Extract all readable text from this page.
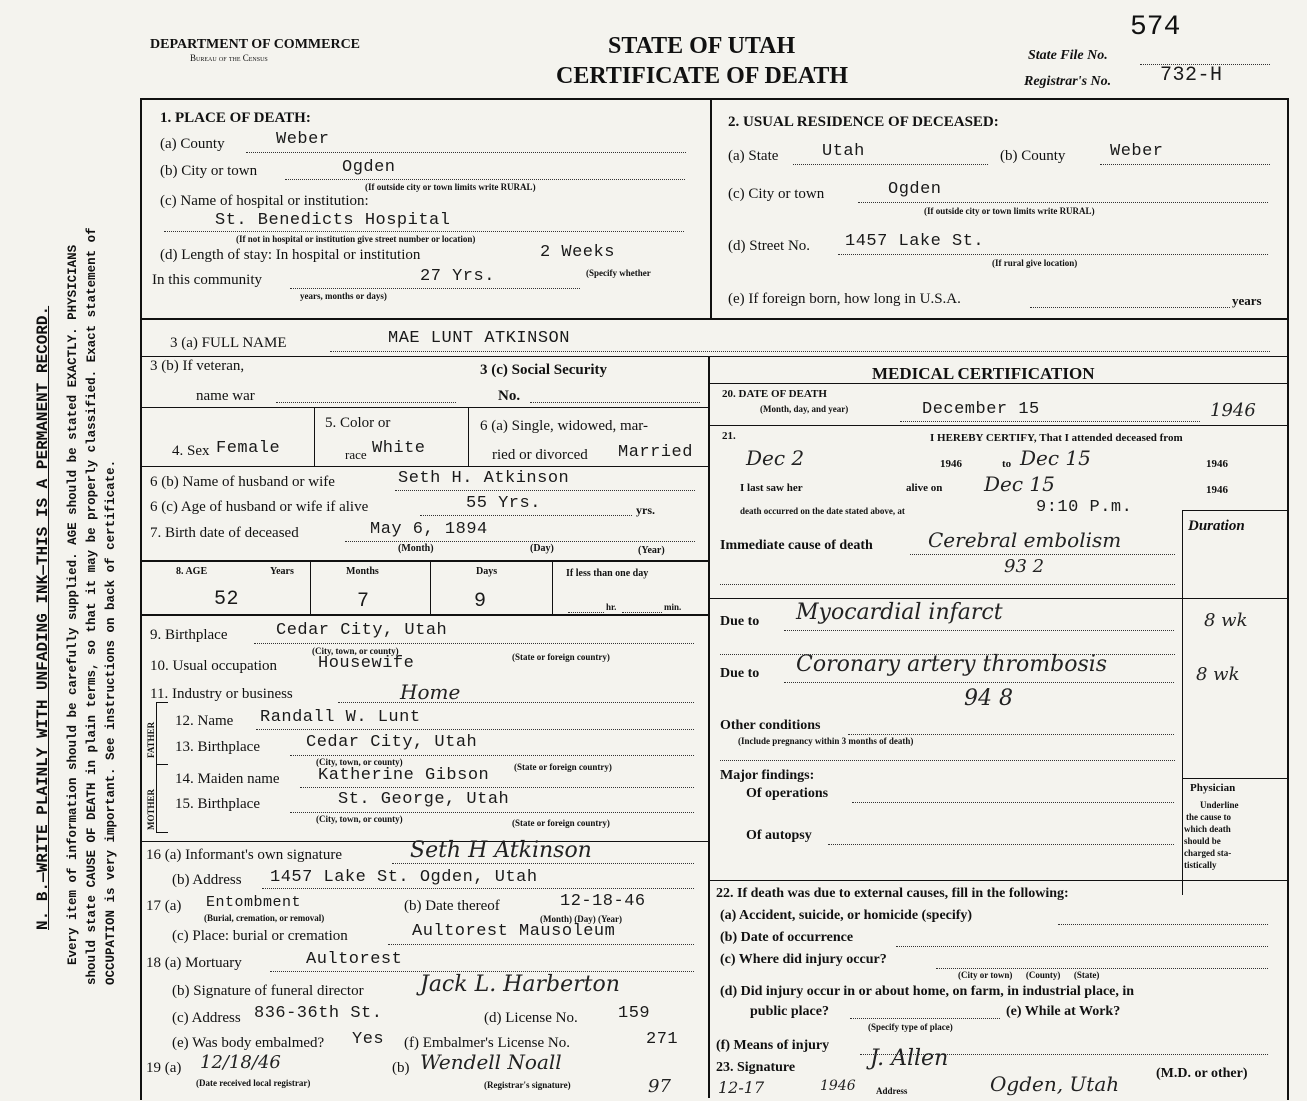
N. B.—WRITE PLAINLY WITH UNFADING INK—THIS IS A PERMANENT RECORD. Every item of information should be carefully supplied. AGE should be stated EXACTLY. PHYSICIANS should state CAUSE OF DEATH in plain terms, so that it may be properly classified. Exact statement of OCCUPATION is very important. See instructions on back of certificate.
DEPARTMENT OF COMMERCE
Bureau of the Census	STATE OF UTAH
CERTIFICATE OF DEATH
574
State File No.
Registrar's No. 732-H
1. PLACE OF DEATH:
(a) County	Weber
(b) City or town	Ogden
(If outside city or town limits write RURAL)
(c) Name of hospital or institution:
St. Benedicts Hospital
(If not in hospital or institution give street number or location)
(d) Length of stay: In hospital or institution	2 Weeks
In this community	27 Yrs.	(Specify whether
years, months or days)
2. USUAL RESIDENCE OF DECEASED:
(a) State	Utah	(b) County	Weber
(c) City or town	Ogden
(If outside city or town limits write RURAL)
(d) Street No. 1457 Lake St.
(If rural give location)
(e) If foreign born, how long in U.S.A.	years
3 (a) FULL NAME	MAE LUNT ATKINSON
3 (b) If veteran,
name war
3 (c) Social Security
No.
4. Sex Female
5. Color or
race White
6 (a) Single, widowed, mar-
ried or divorced Married
6 (b) Name of husband or wife	Seth H. Atkinson
6 (c) Age of husband or wife if alive	55 Yrs.	yrs.
7. Birth date of deceased	May 6, 1894
(Month)	(Day)	(Year)
8. AGE	Years	Months	Days	If less than one day
52	7	9	hr.	min.
9. Birthplace	Cedar City, Utah
(City, town, or county)
(State or foreign country)
10. Usual occupation Housewife
11. Industry or business	Home
FATHER
MOTHER
12. Name Randall W. Lunt
13. Birthplace	Cedar City, Utah
(City, town, or county)	(State or foreign country)
14. Maiden name Katherine Gibson
15. Birthplace	St. George, Utah
(City, town, or county)	(State or foreign country)
16 (a) Informant's own signature	Seth H Atkinson
(b) Address 1457 Lake St. Ogden, Utah
17 (a) Entombment
(Burial, cremation, or removal)
(b) Date thereof	12-18-46
(Month) (Day) (Year)
(c) Place: burial or cremation	Aultorest Mausoleum
18 (a) Mortuary	Aultorest
(b) Signature of funeral director	Jack L. Harberton
(c) Address 836-36th St.	(d) License No. 159
(e) Was body embalmed? Yes (f) Embalmer's License No.	271
19 (a) 12/18/46
(Date received local registrar)
(b) Wendell Noall
(Registrar's signature)	97
MEDICAL CERTIFICATION
20. DATE OF DEATH
(Month, day, and year)	December 15	1946
21.	I HEREBY CERTIFY, That I attended deceased from
Dec 2	1946	to Dec 15	1946
I last saw her	alive on Dec 15	1946
death occurred on the date stated above, at	9:10 P.m.
Duration
Immediate cause of death	Cerebral embolism
93 2
Due to Myocardial infarct	8 wk
Due to Coronary artery thrombosis	8 wk
94 8
Other conditions
(Include pregnancy within 3 months of death)
Major findings:
Of operations
Of autopsy
Physician
Underline
the cause to
which death
should be
charged sta-
tistically
22. If death was due to external causes, fill in the following:
(a) Accident, suicide, or homicide (specify)
(b) Date of occurrence
(c) Where did injury occur?
(City or town)      (County)      (State)
(d) Did injury occur in or about home, on farm, in industrial place, in
public place?
(Specify type of place)
(e) While at Work?
(f) Means of injury
23. Signature	J. Allen
(M.D. or other)
12-17	1946 Address	Ogden, Utah
